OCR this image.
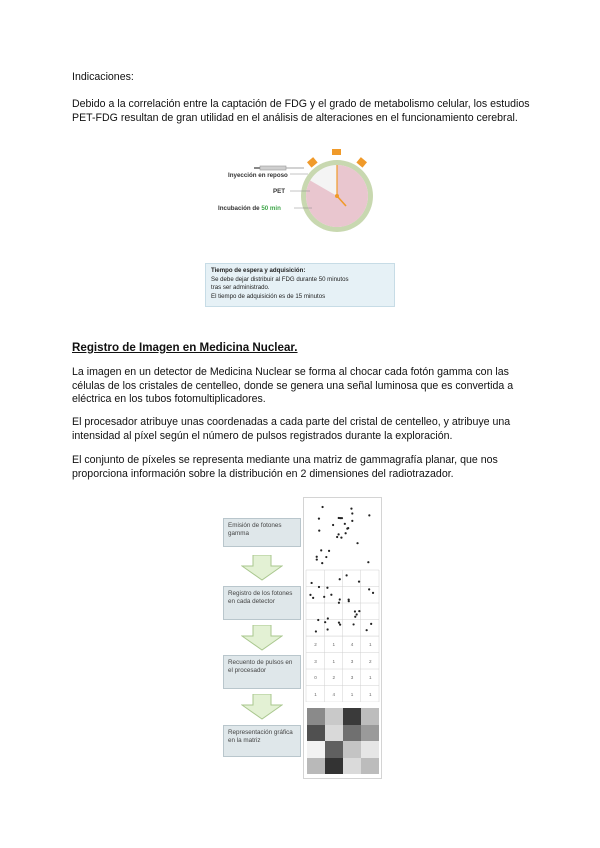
Indicaciones:

Debido a la correlación entre la captación de FDG y el grado de metabolismo celular, los estudios PET-FDG resultan de gran utilidad en el análisis de alteraciones en el funcionamiento cerebral.

Inyección en reposo
PET
Incubación de 50 min
Tiempo de espera y adquisición:
Se debe dejar distribuir al FDG durante 50 minutos
tras ser administrado.
El tiempo de adquisición es de 15 minutos

Registro de Imagen en Medicina Nuclear.

La imagen en un detector de Medicina Nuclear se forma al chocar cada fotón gamma con las células de los cristales de centelleo, donde se genera una señal luminosa que es convertida a eléctrica en los tubos fotomultiplicadores.

El procesador atribuye unas coordenadas a cada parte del cristal de centelleo, y atribuye una intensidad al píxel según el número de pulsos registrados durante la exploración.

El conjunto de píxeles se representa mediante una matriz de gammagrafía planar, que nos proporciona información sobre la distribución en 2 dimensiones del radiotrazador.

Emisión de fotones gamma
Registro de los fotones en cada detector
Recuento de pulsos en el procesador
Representación gráfica en la matriz
2	1	4	1
3	1	3	2
0	2	3	1
1	4	1	1
